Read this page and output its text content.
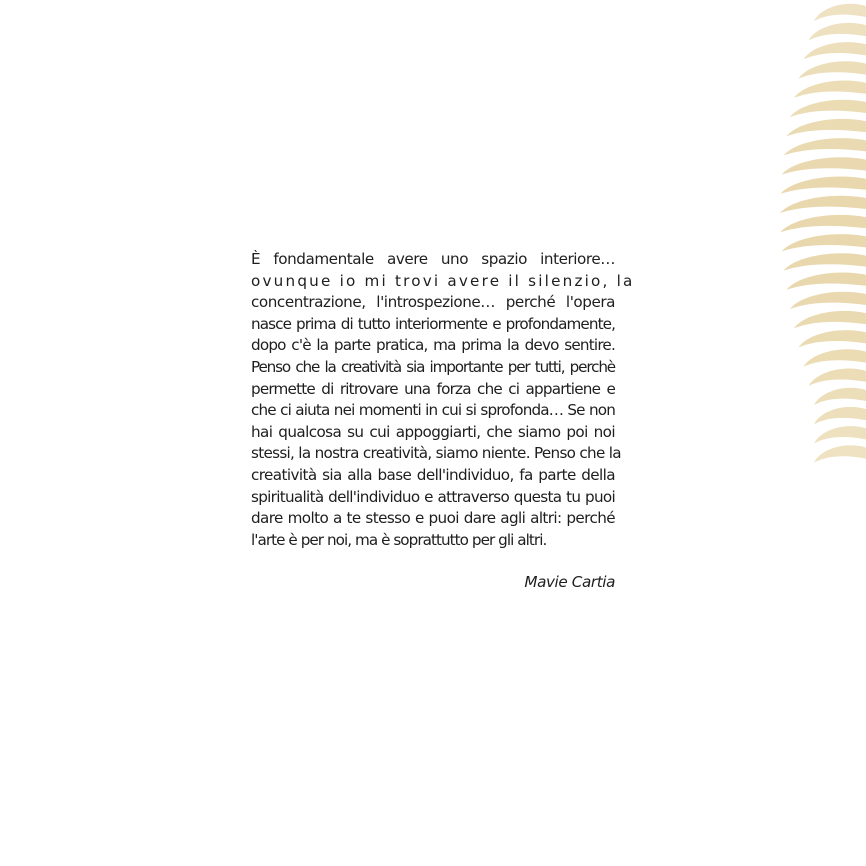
È fondamentale avere uno spazio interiore…
ovunque io mi trovi avere il silenzio, la
concentrazione, l'introspezione… perché l'opera
nasce prima di tutto interiormente e profondamente,
dopo c'è la parte pratica, ma prima la devo sentire.
Penso che la creatività sia importante per tutti, perchè
permette di ritrovare una forza che ci appartiene e
che ci aiuta nei momenti in cui si sprofonda… Se non
hai qualcosa su cui appoggiarti, che siamo poi noi
stessi, la nostra creatività, siamo niente. Penso che la
creatività sia alla base dell'individuo, fa parte della
spiritualità dell'individuo e attraverso questa tu puoi
dare molto a te stesso e puoi dare agli altri: perché
l'arte è per noi, ma è soprattutto per gli altri.

Mavie Cartia
